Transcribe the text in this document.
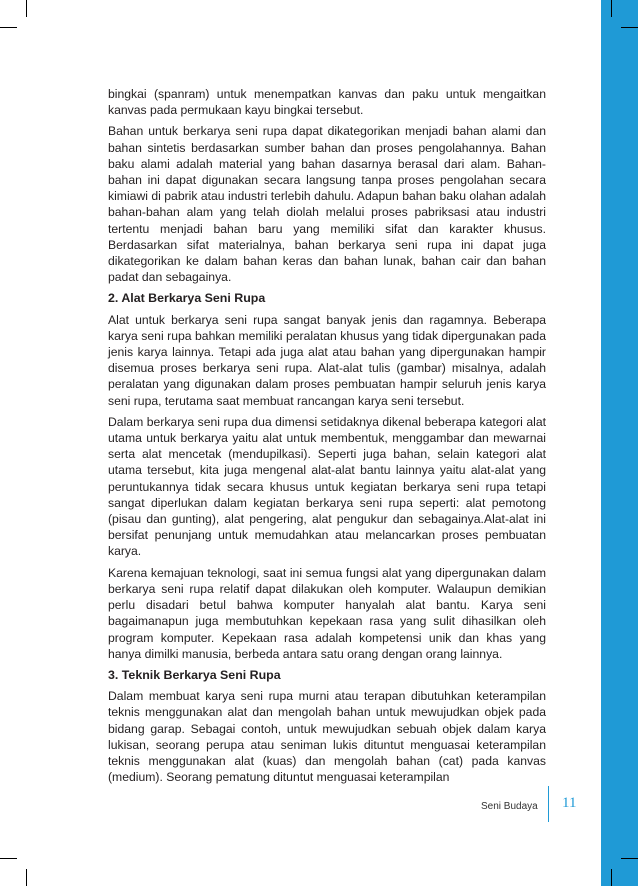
bingkai (spanram) untuk menempatkan kanvas dan paku untuk mengaitkan kanvas pada permukaan kayu bingkai tersebut.

Bahan untuk berkarya seni rupa dapat dikategorikan menjadi bahan alami dan bahan sintetis berdasarkan sumber bahan dan proses pengolahannya. Bahan baku alami adalah material yang bahan dasarnya berasal dari alam. Bahan-bahan ini dapat digunakan secara langsung tanpa proses pengolahan secara kimiawi di pabrik atau industri terlebih dahulu. Adapun bahan baku olahan adalah bahan-bahan alam yang telah diolah melalui proses pabriksasi atau industri tertentu menjadi bahan baru yang memiliki sifat dan karakter khusus. Berdasarkan sifat materialnya, bahan berkarya seni rupa ini dapat juga dikategorikan ke dalam bahan keras dan bahan lunak, bahan cair dan bahan padat dan sebagainya.

2. Alat Berkarya Seni Rupa

Alat untuk berkarya seni rupa sangat banyak jenis dan ragamnya. Beberapa karya seni rupa bahkan memiliki peralatan khusus yang tidak dipergunakan pada jenis karya lainnya. Tetapi ada juga alat atau bahan yang dipergunakan hampir disemua proses berkarya seni rupa. Alat-alat tulis (gambar) misalnya, adalah peralatan yang digunakan dalam proses pembuatan hampir seluruh jenis karya seni rupa, terutama saat membuat rancangan karya seni tersebut.

Dalam berkarya seni rupa dua dimensi setidaknya dikenal beberapa kategori alat utama untuk berkarya yaitu alat untuk membentuk, menggambar dan mewarnai serta alat mencetak (mendupilkasi). Seperti juga bahan, selain kategori alat utama tersebut, kita juga mengenal alat-alat bantu lainnya yaitu alat-alat yang peruntukannya tidak secara khusus untuk kegiatan berkarya seni rupa tetapi sangat diperlukan dalam kegiatan berkarya seni rupa seperti: alat pemotong (pisau dan gunting), alat pengering, alat pengukur dan sebagainya.Alat-alat ini bersifat penunjang untuk memudahkan atau melancarkan proses pembuatan karya.

Karena kemajuan teknologi, saat ini semua fungsi alat yang dipergunakan dalam berkarya seni rupa relatif dapat dilakukan oleh komputer. Walaupun demikian perlu disadari betul bahwa komputer hanyalah alat bantu. Karya seni bagaimanapun juga membutuhkan kepekaan rasa yang sulit dihasilkan oleh program komputer. Kepekaan rasa adalah kompetensi unik dan khas yang hanya dimilki manusia, berbeda antara satu orang dengan orang lainnya.

3. Teknik Berkarya Seni Rupa

Dalam membuat karya seni rupa murni atau terapan dibutuhkan keterampilan teknis menggunakan alat dan mengolah bahan untuk mewujudkan objek pada bidang garap. Sebagai contoh, untuk mewujudkan sebuah objek dalam karya lukisan, seorang perupa atau seniman lukis dituntut menguasai keterampilan teknis menggunakan alat (kuas) dan mengolah bahan (cat) pada kanvas (medium). Seorang pematung dituntut menguasai keterampilan

Seni Budaya 11
